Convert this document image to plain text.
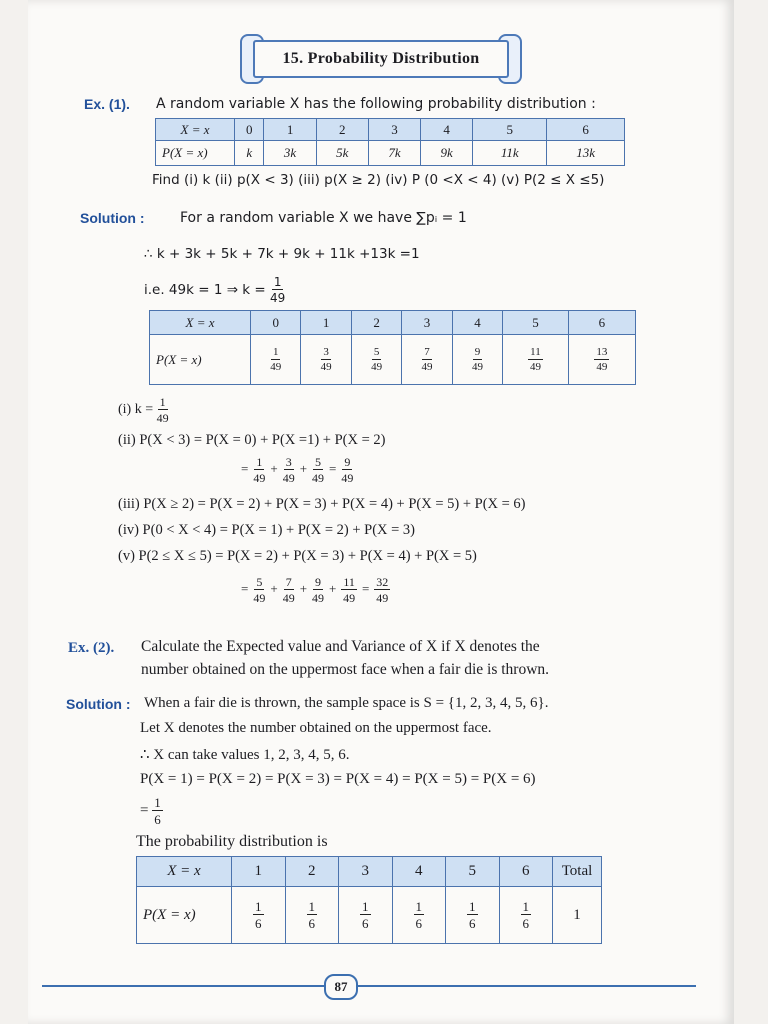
15. Probability Distribution
Ex. (1). A random variable X has the following probability distribution :
X = x	0	1	2	3	4	5	6
P(X = x)	k	3k	5k	7k	9k	11k	13k
Find (i) k (ii) p(X < 3) (iii) p(X ≥ 2) (iv) P (0 <X < 4) (v) P(2 ≤ X ≤5)
Solution :	For a random variable X we have ∑pᵢ = 1
∴ k + 3k + 5k + 7k + 9k + 11k +13k =1
i.e. 49k = 1 ⇒ $k = \frac{1}{49}$
X = x	0	1	2	3	4	5	6
P(X = x)	$\frac{1}{49}$	$\frac{3}{49}$	$\frac{5}{49}$	$\frac{7}{49}$	$\frac{9}{49}$	$\frac{11}{49}$	$\frac{13}{49}$
(i) $k = \frac{1}{49}$
(ii) P(X < 3) = P(X = 0) + P(X =1) + P(X = 2)
= $\frac{1}{49} + \frac{3}{49} + \frac{5}{49} = \frac{9}{49}$
(iii) P(X ≥ 2) = P(X = 2) + P(X = 3) + P(X = 4) + P(X = 5) + P(X = 6)
(iv) P(0 < X < 4) = P(X = 1) + P(X = 2) + P(X = 3)
(v) P(2 ≤ X ≤ 5) = P(X = 2) + P(X = 3) + P(X = 4) + P(X = 5)
= $\frac{5}{49} + \frac{7}{49} + \frac{9}{49} + \frac{11}{49} = \frac{32}{49}$
Ex. (2). Calculate the Expected value and Variance of X if X denotes the
number obtained on the uppermost face when a fair die is thrown.
Solution : When a fair die is thrown, the sample space is S = {1, 2, 3, 4, 5, 6}.
Let X denotes the number obtained on the uppermost face.
∴ X can take values 1, 2, 3, 4, 5, 6.
P(X = 1) = P(X = 2) = P(X = 3) = P(X = 4) = P(X = 5) = P(X = 6)
= $\frac{1}{6}$
The probability distribution is
X = x	1	2	3	4	5	6	Total
P(X = x)	$\frac{1}{6}$	$\frac{1}{6}$	$\frac{1}{6}$	$\frac{1}{6}$	$\frac{1}{6}$	$\frac{1}{6}$	1
87
